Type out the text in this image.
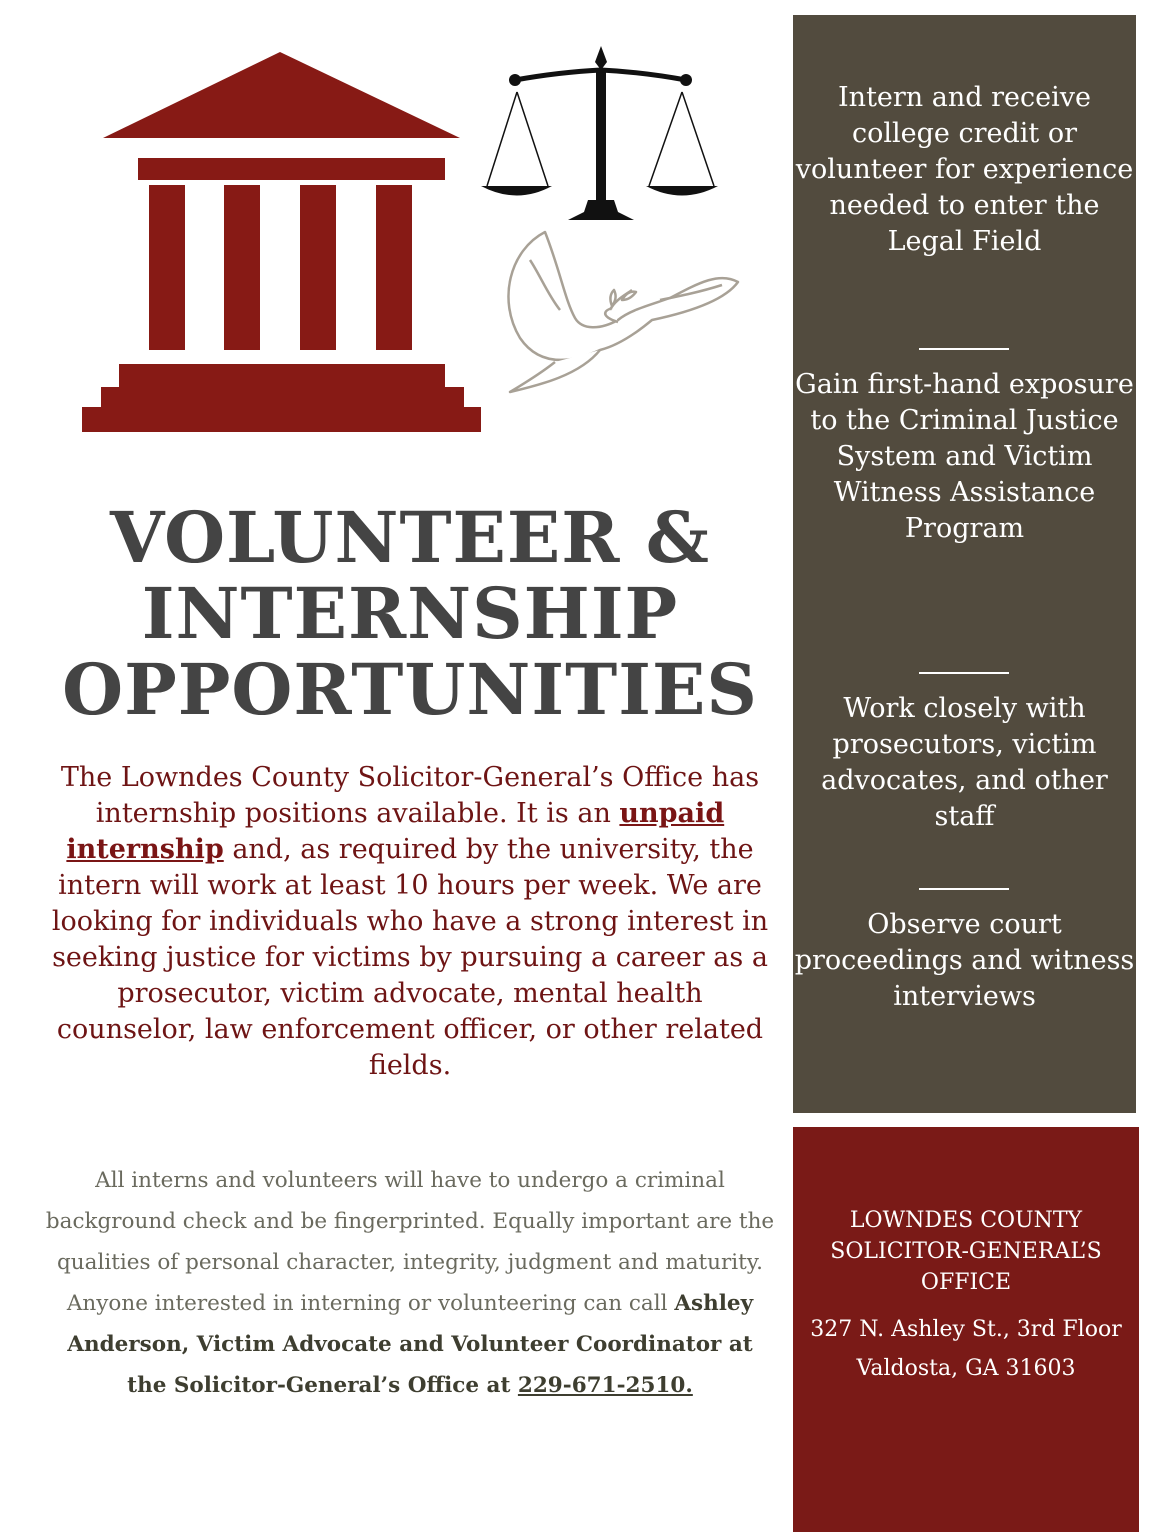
VOLUNTEER &
INTERNSHIP
OPPORTUNITIES
The Lowndes County Solicitor-General’s Office has internship positions available. It is an unpaid internship and, as required by the university, the intern will work at least 10 hours per week. We are looking for individuals who have a strong interest in seeking justice for victims by pursuing a career as a prosecutor, victim advocate, mental health counselor, law enforcement officer, or other related fields.
All interns and volunteers will have to undergo a criminal background check and be fingerprinted. Equally important are the qualities of personal character, integrity, judgment and maturity. Anyone interested in interning or volunteering can call Ashley Anderson, Victim Advocate and Volunteer Coordinator at the Solicitor-General’s Office at 229-671-2510.
Intern and receive college credit or volunteer for experience needed to enter the Legal Field
Gain first-hand exposure to the Criminal Justice System and Victim Witness Assistance Program
Work closely with prosecutors, victim advocates, and other staff
Observe court proceedings and witness interviews
LOWNDES COUNTY SOLICITOR-GENERAL’S OFFICE
327 N. Ashley St., 3rd Floor Valdosta, GA 31603
